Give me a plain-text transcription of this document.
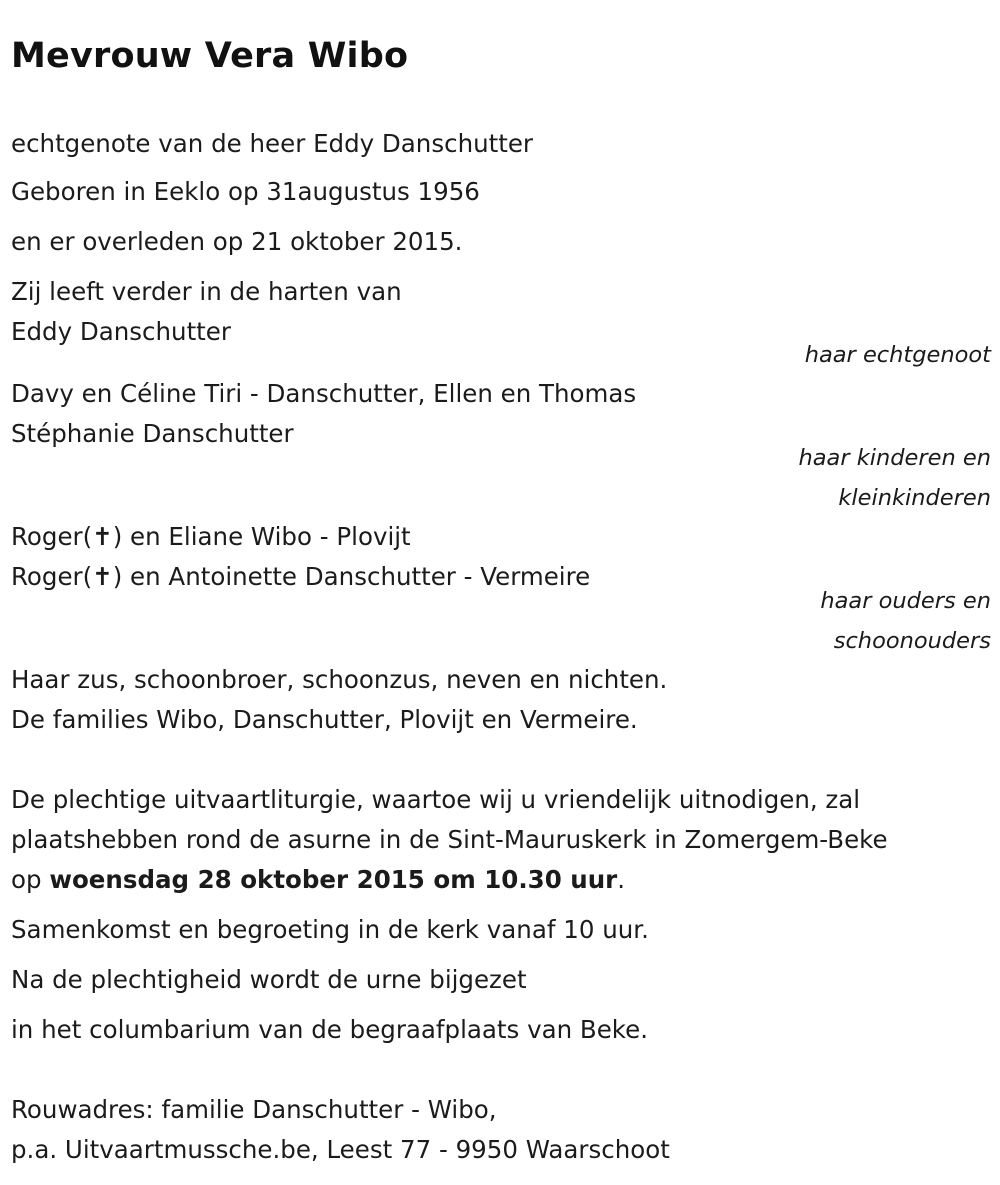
Mevrouw Vera Wibo
echtgenote van de heer Eddy Danschutter
Geboren in Eeklo op 31augustus 1956
en er overleden op 21 oktober 2015.
Zij leeft verder in de harten van
Eddy Danschutter
haar echtgenoot
Davy en Céline Tiri - Danschutter, Ellen en Thomas
Stéphanie Danschutter
haar kinderen en
kleinkinderen
Roger(✝) en Eliane Wibo - Plovijt
Roger(✝) en Antoinette Danschutter - Vermeire
haar ouders en
schoonouders
Haar zus, schoonbroer, schoonzus, neven en nichten.
De families Wibo, Danschutter, Plovijt en Vermeire.
De plechtige uitvaartliturgie, waartoe wij u vriendelijk uitnodigen, zal
plaatshebben rond de asurne in de Sint-Mauruskerk in Zomergem-Beke
op woensdag 28 oktober 2015 om 10.30 uur.
Samenkomst en begroeting in de kerk vanaf 10 uur.
Na de plechtigheid wordt de urne bijgezet
in het columbarium van de begraafplaats van Beke.
Rouwadres: familie Danschutter - Wibo,
p.a. Uitvaartmussche.be, Leest 77 - 9950 Waarschoot
